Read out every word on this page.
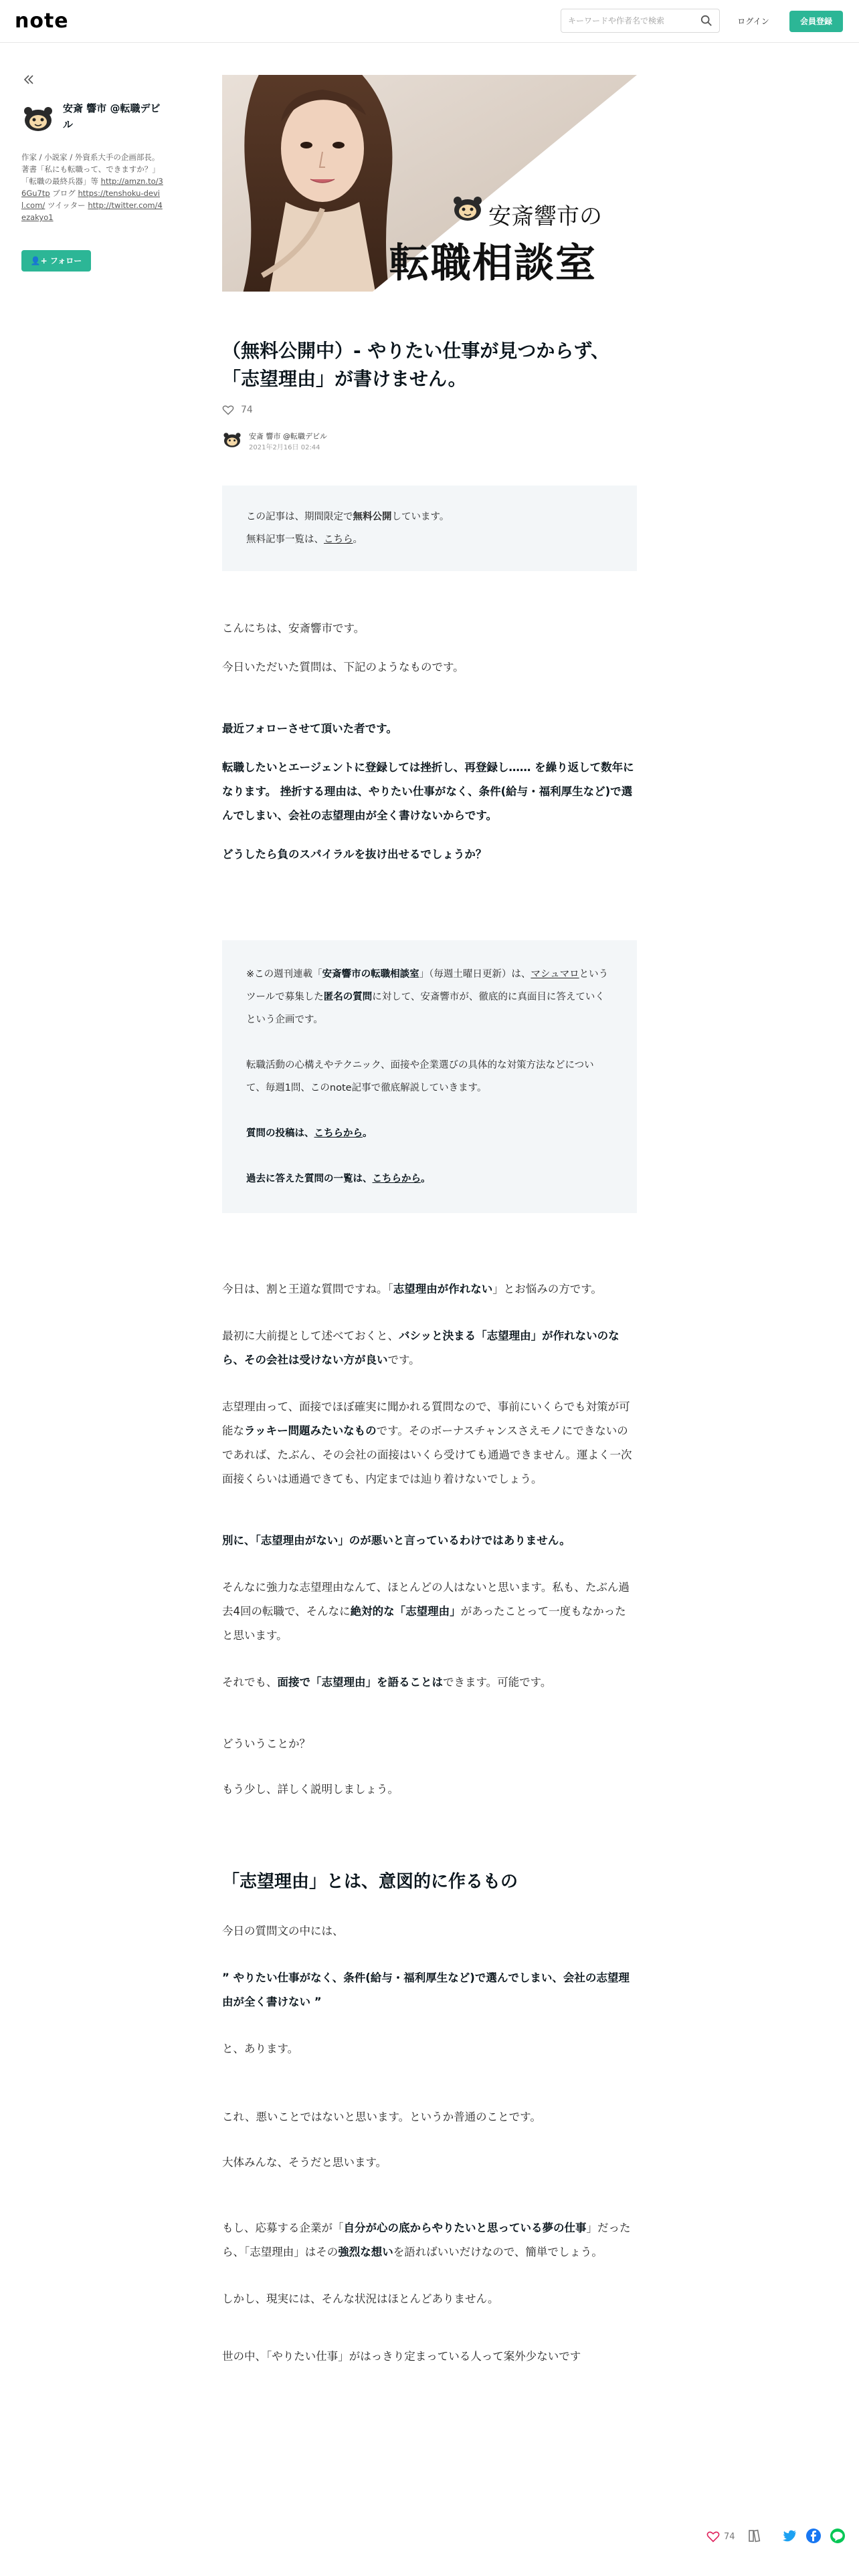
note
キーワードや作者名で検索	ログイン	会員登録
安斎 響市 @転職デビル
作家 / 小説家 / 外資系大手の企画部長。著書「私にも転職って、できますか？」「転職の最終兵器」等 http://amzn.to/36Gu7tp ブログ https://tenshoku-devil.com/ ツイッター http://twitter.com/4ezakyo1
👤+ フォロー
安斎響市の
転職相談室
（無料公開中）- やりたい仕事が見つからず、「志望理由」が書けません。
74
安斎 響市 @転職デビル
2021年2月16日 02:44
この記事は、期間限定で無料公開しています。
無料記事一覧は、こちら。

こんにちは、安斎響市です。

今日いただいた質問は、下記のようなものです。

最近フォローさせて頂いた者です。

転職したいとエージェントに登録しては挫折し、再登録し…… を繰り返して数年になります。 挫折する理由は、やりたい仕事がなく、条件(給与・福利厚生など)で選んでしまい、会社の志望理由が全く書けないからです。

どうしたら負のスパイラルを抜け出せるでしょうか？

※この週刊連載「安斎響市の転職相談室」（毎週土曜日更新）は、マシュマロというツールで募集した匿名の質問に対して、安斎響市が、徹底的に真面目に答えていくという企画です。
転職活動の心構えやテクニック、面接や企業選びの具体的な対策方法などについて、毎週1問、このnote記事で徹底解説していきます。
質問の投稿は、こちらから。
過去に答えた質問の一覧は、こちらから。

今日は、割と王道な質問ですね。「志望理由が作れない」とお悩みの方です。

最初に大前提として述べておくと、バシッと決まる「志望理由」が作れないのなら、その会社は受けない方が良いです。

志望理由って、面接でほぼ確実に聞かれる質問なので、事前にいくらでも対策が可能なラッキー問題みたいなものです。そのボーナスチャンスさえモノにできないのであれば、たぶん、その会社の面接はいくら受けても通過できません。運よく一次面接くらいは通過できても、内定までは辿り着けないでしょう。

別に、「志望理由がない」のが悪いと言っているわけではありません。

そんなに強力な志望理由なんて、ほとんどの人はないと思います。私も、たぶん過去4回の転職で、そんなに絶対的な「志望理由」があったことって一度もなかったと思います。

それでも、面接で「志望理由」を語ることはできます。可能です。

どういうことか？

もう少し、詳しく説明しましょう。

「志望理由」とは、意図的に作るもの

今日の質問文の中には、

” やりたい仕事がなく、条件(給与・福利厚生など)で選んでしまい、会社の志望理由が全く書けない ”

と、あります。

これ、悪いことではないと思います。というか普通のことです。

大体みんな、そうだと思います。

もし、応募する企業が「自分が心の底からやりたいと思っている夢の仕事」だったら、「志望理由」はその強烈な想いを語ればいいだけなので、簡単でしょう。

しかし、現実には、そんな状況はほとんどありません。

世の中、「やりたい仕事」がはっきり定まっている人って案外少ないです

74
